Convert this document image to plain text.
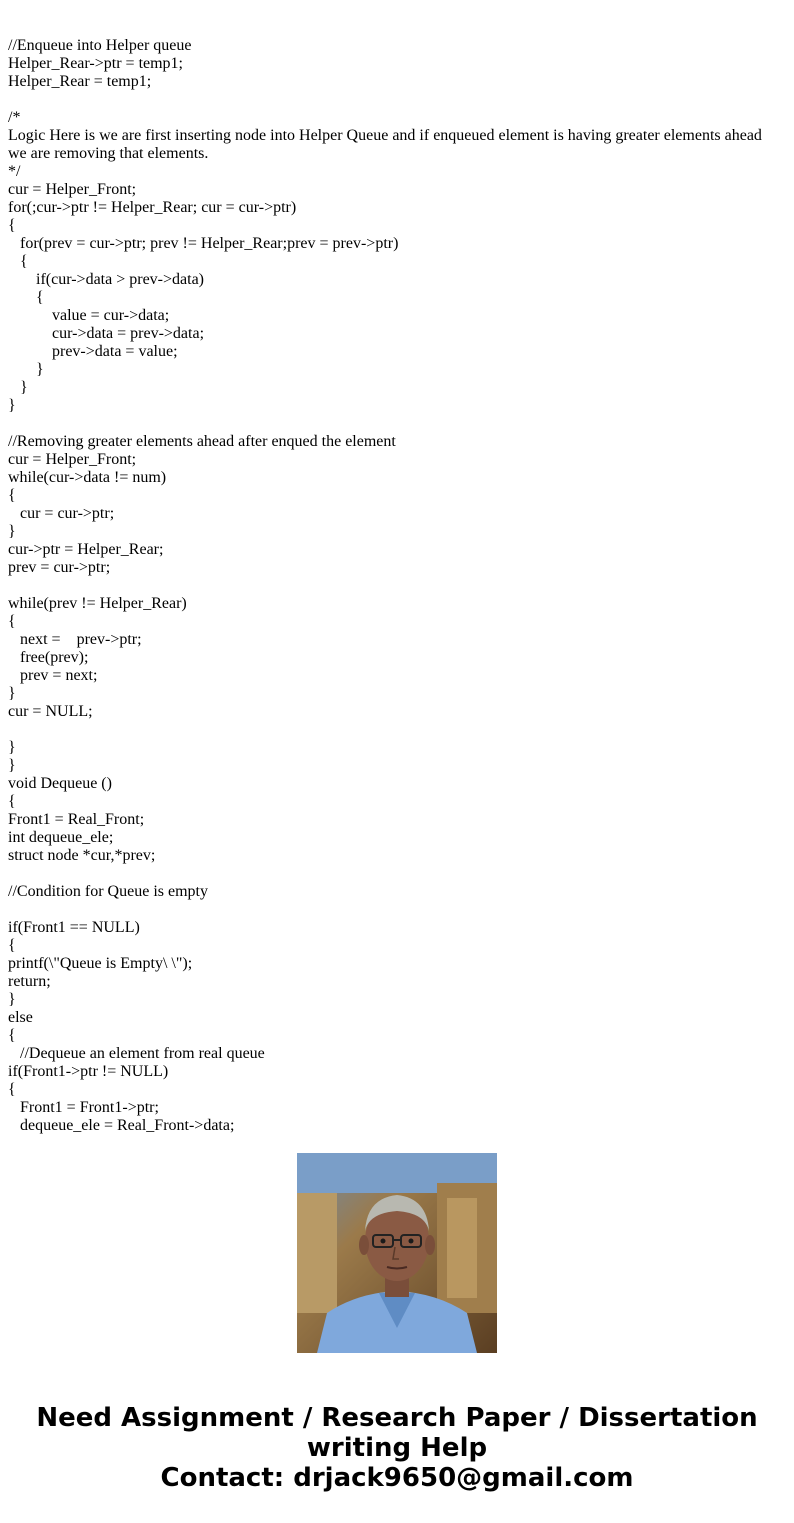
//Enqueue into Helper queue
Helper_Rear->ptr = temp1;
Helper_Rear = temp1;
/*
Logic Here is we are first inserting node into Helper Queue and if enqueued element is having greater elements ahead we are removing that elements.
*/
cur = Helper_Front;
for(;cur->ptr != Helper_Rear; cur = cur->ptr)
{
for(prev = cur->ptr; prev != Helper_Rear;prev = prev->ptr)
{
if(cur->data > prev->data)
{
value = cur->data;
cur->data = prev->data;
prev->data = value;
}
}
}
//Removing greater elements ahead after enqued the element
cur = Helper_Front;
while(cur->data != num)
{
cur = cur->ptr;
}
cur->ptr = Helper_Rear;
prev = cur->ptr;
while(prev != Helper_Rear)
{
next =    prev->ptr;
free(prev);
prev = next;
}
cur = NULL;
}
}
void Dequeue ()
{
Front1 = Real_Front;
int dequeue_ele;
struct node *cur,*prev;
//Condition for Queue is empty
if(Front1 == NULL)
{
printf(\"Queue is Empty\ \");
return;
}
else
{
//Dequeue an element from real queue
if(Front1->ptr != NULL)
{
Front1 = Front1->ptr;
dequeue_ele = Real_Front->data;
Need Assignment / Research Paper / Dissertation
writing Help
Contact: drjack9650@gmail.com
